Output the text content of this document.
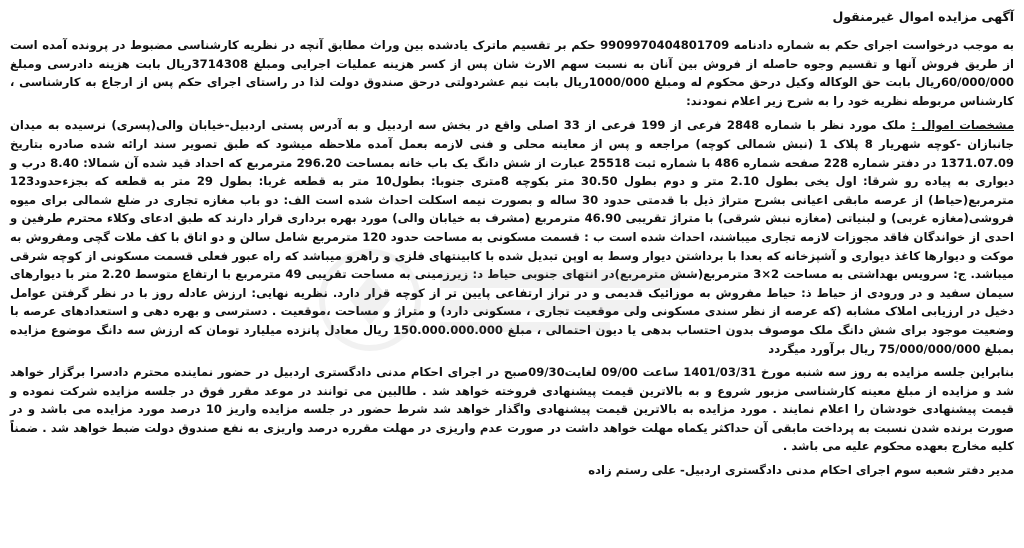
آگهی مزایده اموال غیرمنقول

به موجب درخواست اجرای حکم به شماره دادنامه 9909970404801709 حکم بر تقسیم ماترک یادشده بین وراث مطابق آنچه در نظریه کارشناسی مضبوط در پرونده آمده است از طریق فروش آنها و تقسیم وجوه حاصله از فروش بین آنان به نسبت سهم الارث شان پس از کسر هزینه عملیات اجرایی ومبلغ 3714308ریال بابت هزینه دادرسی ومبلغ 60/000/000ریال بابت حق الوکاله وکیل درحق محکوم له ومبلغ 1000/000ریال بابت نیم عشردولتی درحق صندوق دولت لذا در راستای اجرای حکم پس از ارجاع به کارشناسی ، کارشناس مربوطه نظریه خود را به شرح زیر اعلام نمودند:

مشخصات اموال : ملک مورد نظر با شماره 2848 فرعی از 199 فرعی از 33 اصلی واقع در بخش سه اردبیل و به آدرس پستی اردبیل-خیابان والی(پسری) نرسیده به میدان جانبازان -کوچه شهریار 8 پلاک 1 (نبش شمالی کوچه) مراجعه و پس از معاینه محلی و فنی لازمه بعمل آمده ملاحظه میشود که طبق تصویر سند ارائه شده صادره بتاریخ 1371.07.09 در دفتر شماره 228 صفحه شماره 486 با شماره ثبت 25518 عبارت از شش دانگ یک باب خانه بمساحت 296.20 مترمربع که احداد قید شده آن شمالا: 8.40 درب و دیواری به پیاده رو شرقا: اول یخی بطول 2.10 متر و دوم بطول 30.50 متر بکوچه 8متری جنوبا: بطول10 متر به قطعه غربا: بطول 29 متر به قطعه که بجزءحدود123 مترمربع(حیاط) از عرصه مابقی اعیانی بشرح متراژ ذیل با قدمتی حدود 30 ساله و بصورت نیمه اسکلت احداث شده است الف: دو باب مغازه تجاری در ضلع شمالی برای میوه فروشی(مغازه غربی) و لبنیاتی (مغازه نبش شرقی) با متراژ تقریبی 46.90 مترمربع (مشرف به خیابان والی) مورد بهره برداری قرار دارند که طبق ادعای وکلاء محترم طرفین و احدی از خواندگان فاقد مجوزات لازمه تجاری میباشند، احداث شده است ب : قسمت مسکونی به مساحت حدود 120 مترمربع شامل سالن و دو اتاق با کف ملات گچی ومفروش به موکت و دیوارها کاغذ دیواری و آشپزخانه که بعدا با برداشتن دیوار وسط به اوپن تبدیل شده با کابینتهای فلزی و راهرو میباشد که راه عبور فعلی قسمت مسکونی از کوچه شرقی میباشد. ج: سرویس بهداشتی به مساحت 2×3 مترمربع(شش مترمربع)در انتهای جنوبی حیاط د: زیرزمینی به مساحت تقریبی 49 مترمربع با ارتفاع متوسط 2.20 متر با دیوارهای سیمان سفید و در ورودی از حیاط ذ: حیاط مفروش به موزائیک قدیمی و در تراز ارتفاعی پایین تر از کوچه قرار دارد. نظریه نهایی: ارزش عادله روز با در نظر گرفتن عوامل دخیل در ارزیابی املاک مشابه (که عرصه از نظر سندی مسکونی ولی موقعیت تجاری ، مسکونی دارد) و متراژ و مساحت ،موقعیت . دسترسی و بهره دهی و استعدادهای عرصه با وضعیت موجود برای شش دانگ ملک موصوف بدون احتساب بدهی یا دیون احتمالی ، مبلغ 150.000.000.000 ریال معادل پانزده میلیارد تومان که ارزش سه دانگ موضوع مزایده بمبلغ 75/000/000/000 ریال برآورد میگردد

بنابراین جلسه مزایده به روز سه شنبه مورخ 1401/03/31 ساعت 09/00 لغایت09/30صبح در اجرای احکام مدنی دادگستری اردبیل در حضور نماینده محترم دادسرا برگزار خواهد شد و مزایده از مبلغ معینه کارشناسی مزبور شروع و به بالاترین قیمت پیشنهادی فروخته خواهد شد . طالبین می توانند در موعد مقرر فوق در جلسه مزایده شرکت نموده و قیمت پیشنهادی خودشان را اعلام نمایند . مورد مزایده به بالاترین قیمت پیشنهادی واگذار خواهد شد شرط حضور در جلسه مزایده واریز 10 درصد مورد مزایده می باشد و در صورت برنده شدن نسبت به پرداخت مابقی آن حداکثر یکماه مهلت خواهد داشت در صورت عدم واریزی در مهلت مقرره درصد واریزی به نفع صندوق دولت ضبط خواهد شد . ضمناً کلیه مخارج بعهده محکوم علیه می باشد .

مدیر دفتر شعبه سوم اجرای احکام مدنی دادگستری اردبیل- علی رستم زاده
